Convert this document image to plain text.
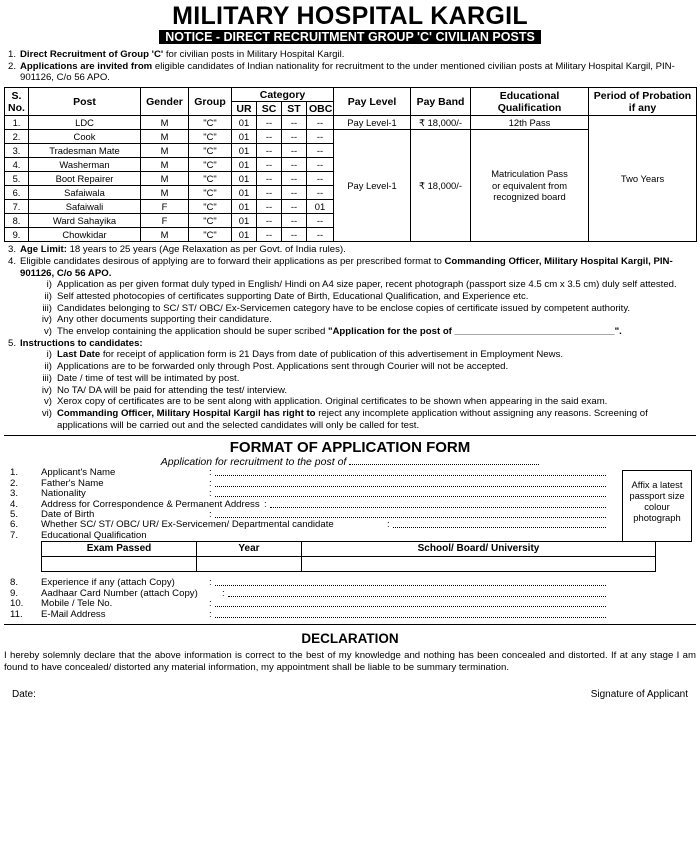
MILITARY HOSPITAL KARGIL
NOTICE - DIRECT RECRUITMENT GROUP 'C' CIVILIAN POSTS
1. Direct Recruitment of Group 'C' for civilian posts in Military Hospital Kargil.
2. Applications are invited from eligible candidates of Indian nationality for recruitment to the under mentioned civilian posts at Military Hospital Kargil, PIN-901126, C/o 56 APO.
S. No.	Post	Gender	Group	Category				Pay Level	Pay Band	Educational Qualification	Period of Probation if any
				UR	SC	ST	OBC				
1.	LDC	M	"C"	01	--	--	--	Pay Level-1	₹ 18,000/-	12th Pass	Two Years
2.	Cook	M	"C"	01	--	--	--	Pay Level-1	₹ 18,000/-	Matriculation Pass or equivalent from recognized board	
3.	Tradesman Mate	M	"C"	01	--	--	--				
4.	Washerman	M	"C"	01	--	--	--				
5.	Boot Repairer	M	"C"	01	--	--	--				
6.	Safaiwala	M	"C"	01	--	--	--				
7.	Safaiwali	F	"C"	01	--	--	01				
8.	Ward Sahayika	F	"C"	01	--	--	--				
9.	Chowkidar	M	"C"	01	--	--	--				
3. Age Limit: 18 years to 25 years (Age Relaxation as per Govt. of India rules).
4. Eligible candidates desirous of applying are to forward their applications as per prescribed format to Commanding Officer, Military Hospital Kargil, PIN-901126, C/o 56 APO.
i) Application as per given format duly typed in English/ Hindi on A4 size paper, recent photograph (passport size 4.5 cm x 3.5 cm) duly self attested.
ii) Self attested photocopies of certificates supporting Date of Birth, Educational Qualification, and Experience etc.
iii) Candidates belonging to SC/ ST/ OBC/ Ex-Servicemen category have to be enclose copies of certificate issued by competent authority.
iv) Any other documents supporting their candidature.
v) The envelop containing the application should be super scribed "Application for the post of ______________________________".
5. Instructions to candidates:
i) Last Date for receipt of application form is 21 Days from date of publication of this advertisement in Employment News.
ii) Applications are to be forwarded only through Post. Applications sent through Courier will not be accepted.
iii) Date / time of test will be intimated by post.
iv) No TA/ DA will be paid for attending the test/ interview.
v) Xerox copy of certificates are to be sent along with application. Original certificates to be shown when appearing in the said exam.
vi) Commanding Officer, Military Hospital Kargil has right to reject any incomplete application without assigning any reasons. Screening of applications will be carried out and the selected candidates will only be called for test.
FORMAT OF APPLICATION FORM
Application for recruitment to the post of
1. Applicant's Name	:
2. Father's Name	:
3. Nationality	:
4. Address for Correspondence & Permanent Address :
5. Date of Birth	:
6. Whether SC/ ST/ OBC/ UR/ Ex-Servicemen/ Departmental candidate	:
7. Educational Qualification
Exam Passed	Year	School/ Board/ University

Affix a latest passport size colour photograph
8. Experience if any (attach Copy)	:
9. Aadhaar Card Number (attach Copy)	:
10. Mobile / Tele No.	:
11. E-Mail Address	:
DECLARATION
I hereby solemnly declare that the above information is correct to the best of my knowledge and nothing has been concealed and distorted. If at any stage I am found to have concealed/ distorted any material information, my appointment shall be liable to be summary termination.
Date:	Signature of Applicant
